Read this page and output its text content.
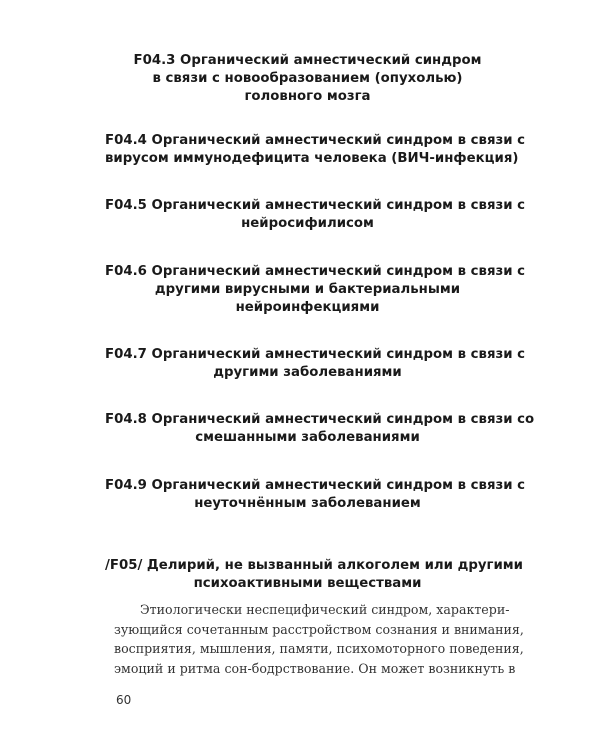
F04.3 Органический амнестический синдром
в связи с новообразованием (опухолью)
головного мозга
F04.4 Органический амнестический синдром в связи с
вирусом иммунодефицита человека (ВИЧ-инфекция)
F04.5 Органический амнестический синдром в связи с
нейросифилисом
F04.6 Органический амнестический синдром в связи с
другими вирусными и бактериальными
нейроинфекциями
F04.7 Органический амнестический синдром в связи с
другими заболеваниями
F04.8 Органический амнестический синдром в связи со
смешанными заболеваниями
F04.9 Органический амнестический синдром в связи с
неуточнённым заболеванием
/F05/ Делирий, не вызванный алкоголем или другими
психоактивными веществами

Этиологически неспецифический синдром, характери-
зующийся сочетанным расстройством сознания и внимания,
восприятия, мышления, памяти, психомоторного поведения,
эмоций и ритма сон-бодрствование. Он может возникнуть в

60
